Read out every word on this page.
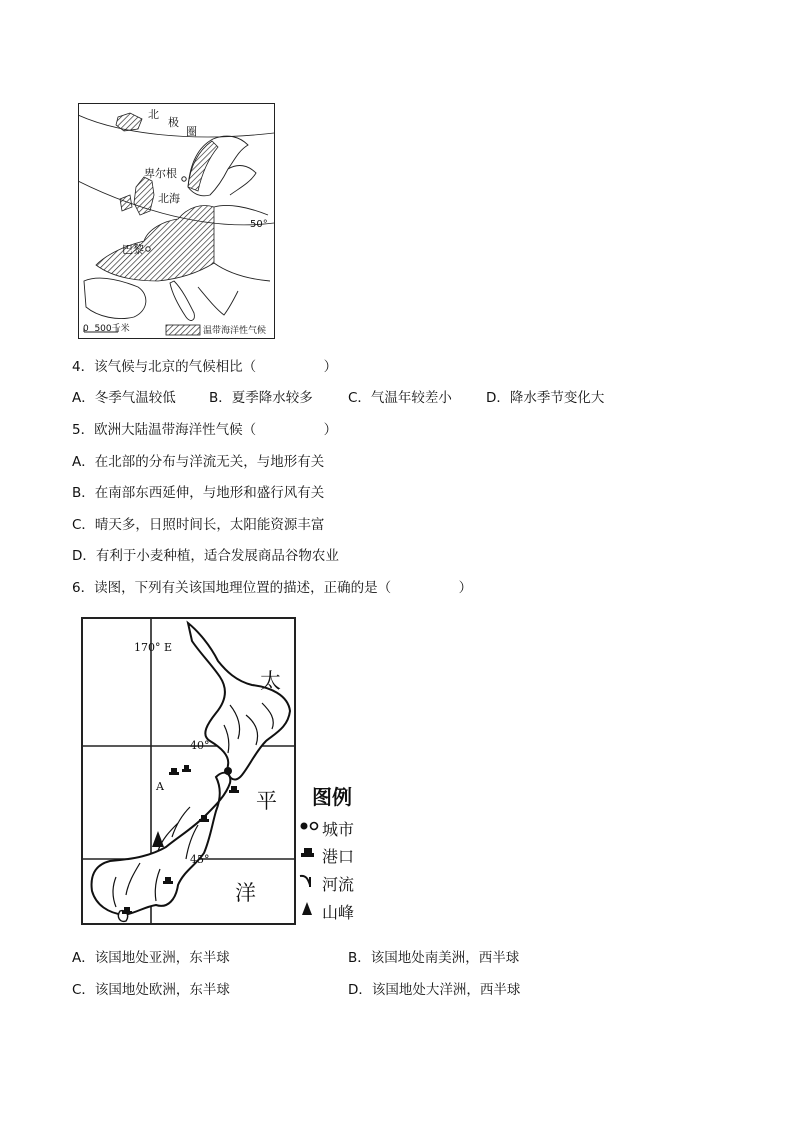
北
极
圈
卑尔根
北海
50°
巴黎
0  500千米	温带海洋性气候
4．该气候与北京的气候相比（　　　　　）
A．冬季气温较低 B．夏季降水较多	C．气温年较差小	D．降水季节变化大
5．欧洲大陆温带海洋性气候（　　　　　）
A．在北部的分布与洋流无关，与地形有关
B．在南部东西延伸，与地形和盛行风有关
C．晴天多，日照时间长，太阳能资源丰富
D．有利于小麦种植，适合发展商品谷物农业
6．读图，下列有关该国地理位置的描述，正确的是（　　　　　）
170° E
40°
45°
A
太
平
洋
图例
城市
港口
河流
山峰
A．该国地处亚洲，东半球	B．该国地处南美洲，西半球
C．该国地处欧洲，东半球	D．该国地处大洋洲，西半球
